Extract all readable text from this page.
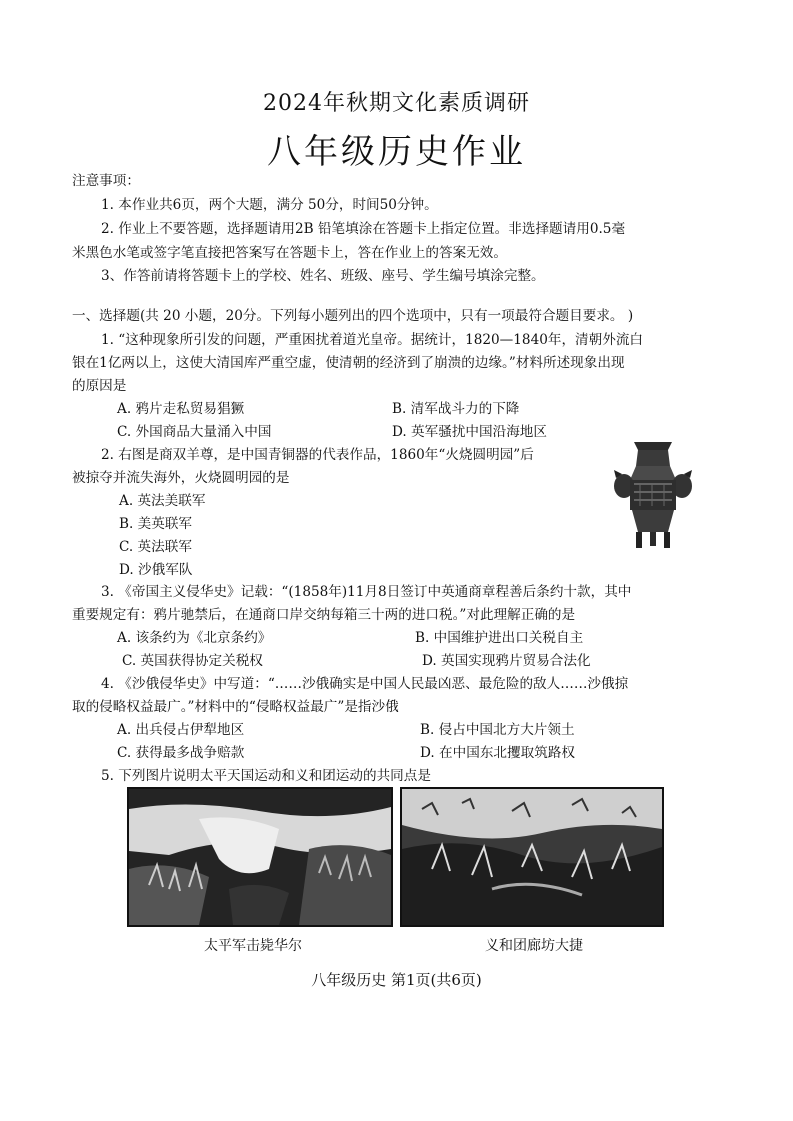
2024年秋期文化素质调研
八年级历史作业
注意事项：
1. 本作业共6页，两个大题，满分 50分，时间50分钟。
2. 作业上不要答题，选择题请用2B 铅笔填涂在答题卡上指定位置。非选择题请用0.5毫
米黑色水笔或签字笔直接把答案写在答题卡上，答在作业上的答案无效。
3、作答前请将答题卡上的学校、姓名、班级、座号、学生编号填涂完整。
一、选择题(共 20 小题，20分。下列每小题列出的四个选项中，只有一项最符合题目要求。 )
1. “这种现象所引发的问题，严重困扰着道光皇帝。据统计，1820—1840年，清朝外流白
银在1亿两以上，这使大清国库严重空虚，使清朝的经济到了崩溃的边缘。”材料所述现象出现
的原因是
A. 鸦片走私贸易猖獗	B. 清军战斗力的下降
C. 外国商品大量涌入中国	D. 英军骚扰中国沿海地区
2. 右图是商双羊尊，是中国青铜器的代表作品，1860年“火烧圆明园”后
被掠夺并流失海外，火烧圆明园的是
A. 英法美联军
B. 美英联军
C. 英法联军
D. 沙俄军队
3. 《帝国主义侵华史》记载：“(1858年)11月8日签订中英通商章程善后条约十款，其中
重要规定有：鸦片驰禁后，在通商口岸交纳每箱三十两的进口税。”对此理解正确的是
A. 该条约为《北京条约》	B. 中国维护进出口关税自主
C. 英国获得协定关税权	D. 英国实现鸦片贸易合法化
4. 《沙俄侵华史》中写道：“……沙俄确实是中国人民最凶恶、最危险的敌人……沙俄掠
取的侵略权益最广。”材料中的“侵略权益最广”是指沙俄
A. 出兵侵占伊犁地区	B. 侵占中国北方大片领土
C. 获得最多战争赔款	D. 在中国东北攫取筑路权
5. 下列图片说明太平天国运动和义和团运动的共同点是
太平军击毙华尔	义和团廊坊大捷
八年级历史 第1页(共6页)
